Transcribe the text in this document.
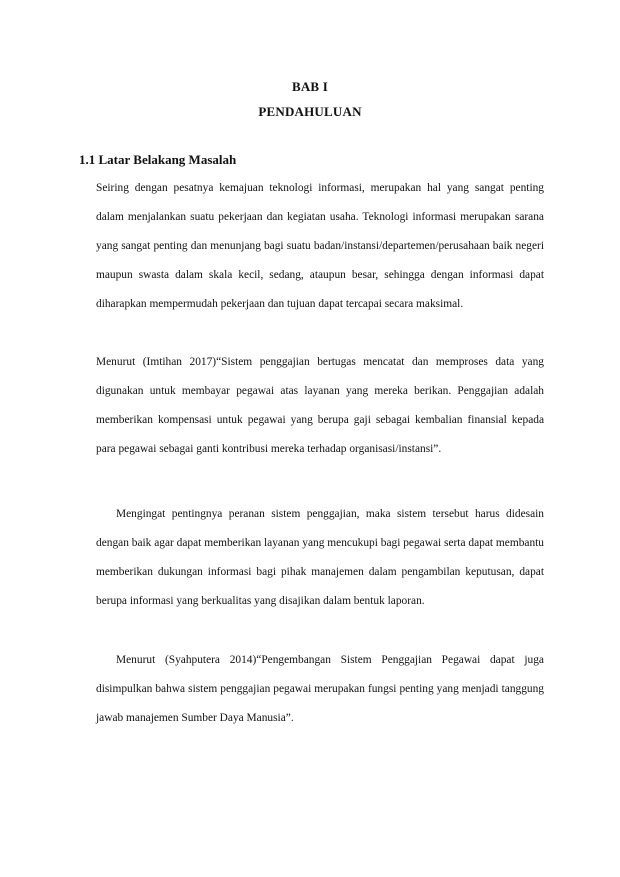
BAB I
PENDAHULUAN
1.1 Latar Belakang Masalah

Seiring dengan pesatnya kemajuan teknologi informasi, merupakan hal yang sangat penting dalam menjalankan suatu pekerjaan dan kegiatan usaha. Teknologi informasi merupakan sarana yang sangat penting dan menunjang bagi suatu badan/instansi/departemen/perusahaan baik negeri maupun swasta dalam skala kecil, sedang, ataupun besar, sehingga dengan informasi dapat diharapkan mempermudah pekerjaan dan tujuan dapat tercapai secara maksimal.

Menurut (Imtihan 2017)“Sistem penggajian bertugas mencatat dan memproses data yang digunakan untuk membayar pegawai atas layanan yang mereka berikan. Penggajian adalah memberikan kompensasi untuk pegawai yang berupa gaji sebagai kembalian finansial kepada para pegawai sebagai ganti kontribusi mereka terhadap organisasi/instansi”.

Mengingat pentingnya peranan sistem penggajian, maka sistem tersebut harus didesain dengan baik agar dapat memberikan layanan yang mencukupi bagi pegawai serta dapat membantu memberikan dukungan informasi bagi pihak manajemen dalam pengambilan keputusan, dapat berupa informasi yang berkualitas yang disajikan dalam bentuk laporan.

Menurut (Syahputera 2014)“Pengembangan Sistem Penggajian Pegawai dapat juga disimpulkan bahwa sistem penggajian pegawai merupakan fungsi penting yang menjadi tanggung jawab manajemen Sumber Daya Manusia”.
